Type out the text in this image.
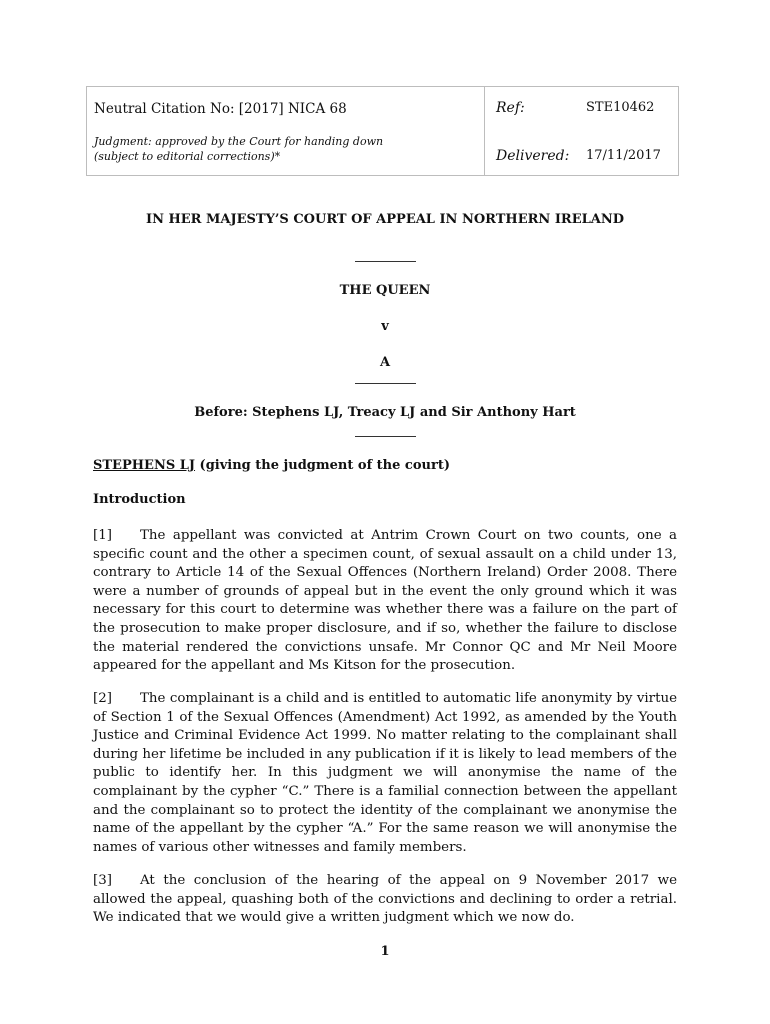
Neutral Citation No: [2017] NICA 68
Judgment: approved by the Court for handing down
(subject to editorial corrections)*
Ref:	STE10462
Delivered: 17/11/2017
IN HER MAJESTY’S COURT OF APPEAL IN NORTHERN IRELAND
THE QUEEN
v
A
Before: Stephens LJ, Treacy LJ and Sir Anthony Hart
STEPHENS LJ (giving the judgment of the court)
Introduction
[1] The appellant was convicted at Antrim Crown Court on two counts, one a specific count and the other a specimen count, of sexual assault on a child under 13, contrary to Article 14 of the Sexual Offences (Northern Ireland) Order 2008. There were a number of grounds of appeal but in the event the only ground which it was necessary for this court to determine was whether there was a failure on the part of the prosecution to make proper disclosure, and if so, whether the failure to disclose the material rendered the convictions unsafe. Mr Connor QC and Mr Neil Moore appeared for the appellant and Ms Kitson for the prosecution.
[2] The complainant is a child and is entitled to automatic life anonymity by virtue of Section 1 of the Sexual Offences (Amendment) Act 1992, as amended by the Youth Justice and Criminal Evidence Act 1999. No matter relating to the complainant shall during her lifetime be included in any publication if it is likely to lead members of the public to identify her. In this judgment we will anonymise the name of the complainant by the cypher “C.” There is a familial connection between the appellant and the complainant so to protect the identity of the complainant we anonymise the name of the appellant by the cypher “A.” For the same reason we will anonymise the names of various other witnesses and family members.
[3] At the conclusion of the hearing of the appeal on 9 November 2017 we allowed the appeal, quashing both of the convictions and declining to order a retrial. We indicated that we would give a written judgment which we now do.
1
